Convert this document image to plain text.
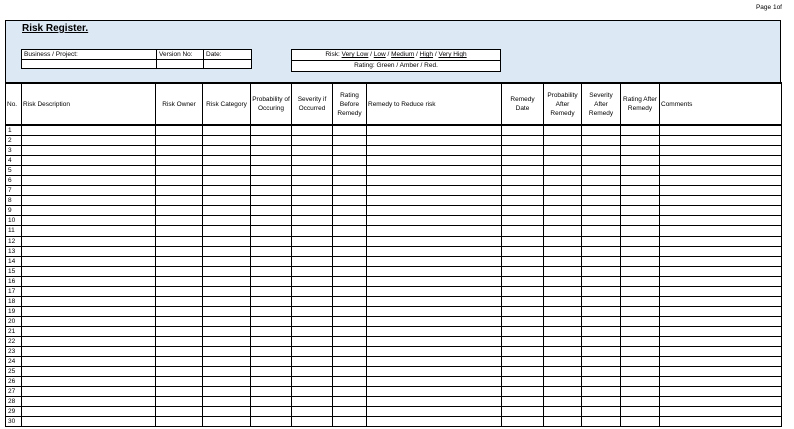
Page 1of
Risk Register.
Business / Project:	Version No:	Date:
			Risk: Very Low / Low / Medium / High / Very High
Rating: Green / Amber / Red.
No.	Risk Description	Risk Owner	Risk Category	Probability of Occuring	Severity if Occurred	Rating Before Remedy	Remedy to Reduce risk	Remedy Date	Probability After Remedy	Severity After Remedy	Rating After Remedy	Comments
1												
2												
3												
4												
5												
6												
7												
8												
9												
10												
11												
12												
13												
14												
15												
16												
17												
18												
19												
20												
21												
22												
23												
24												
25												
26												
27												
28												
29												
30												
